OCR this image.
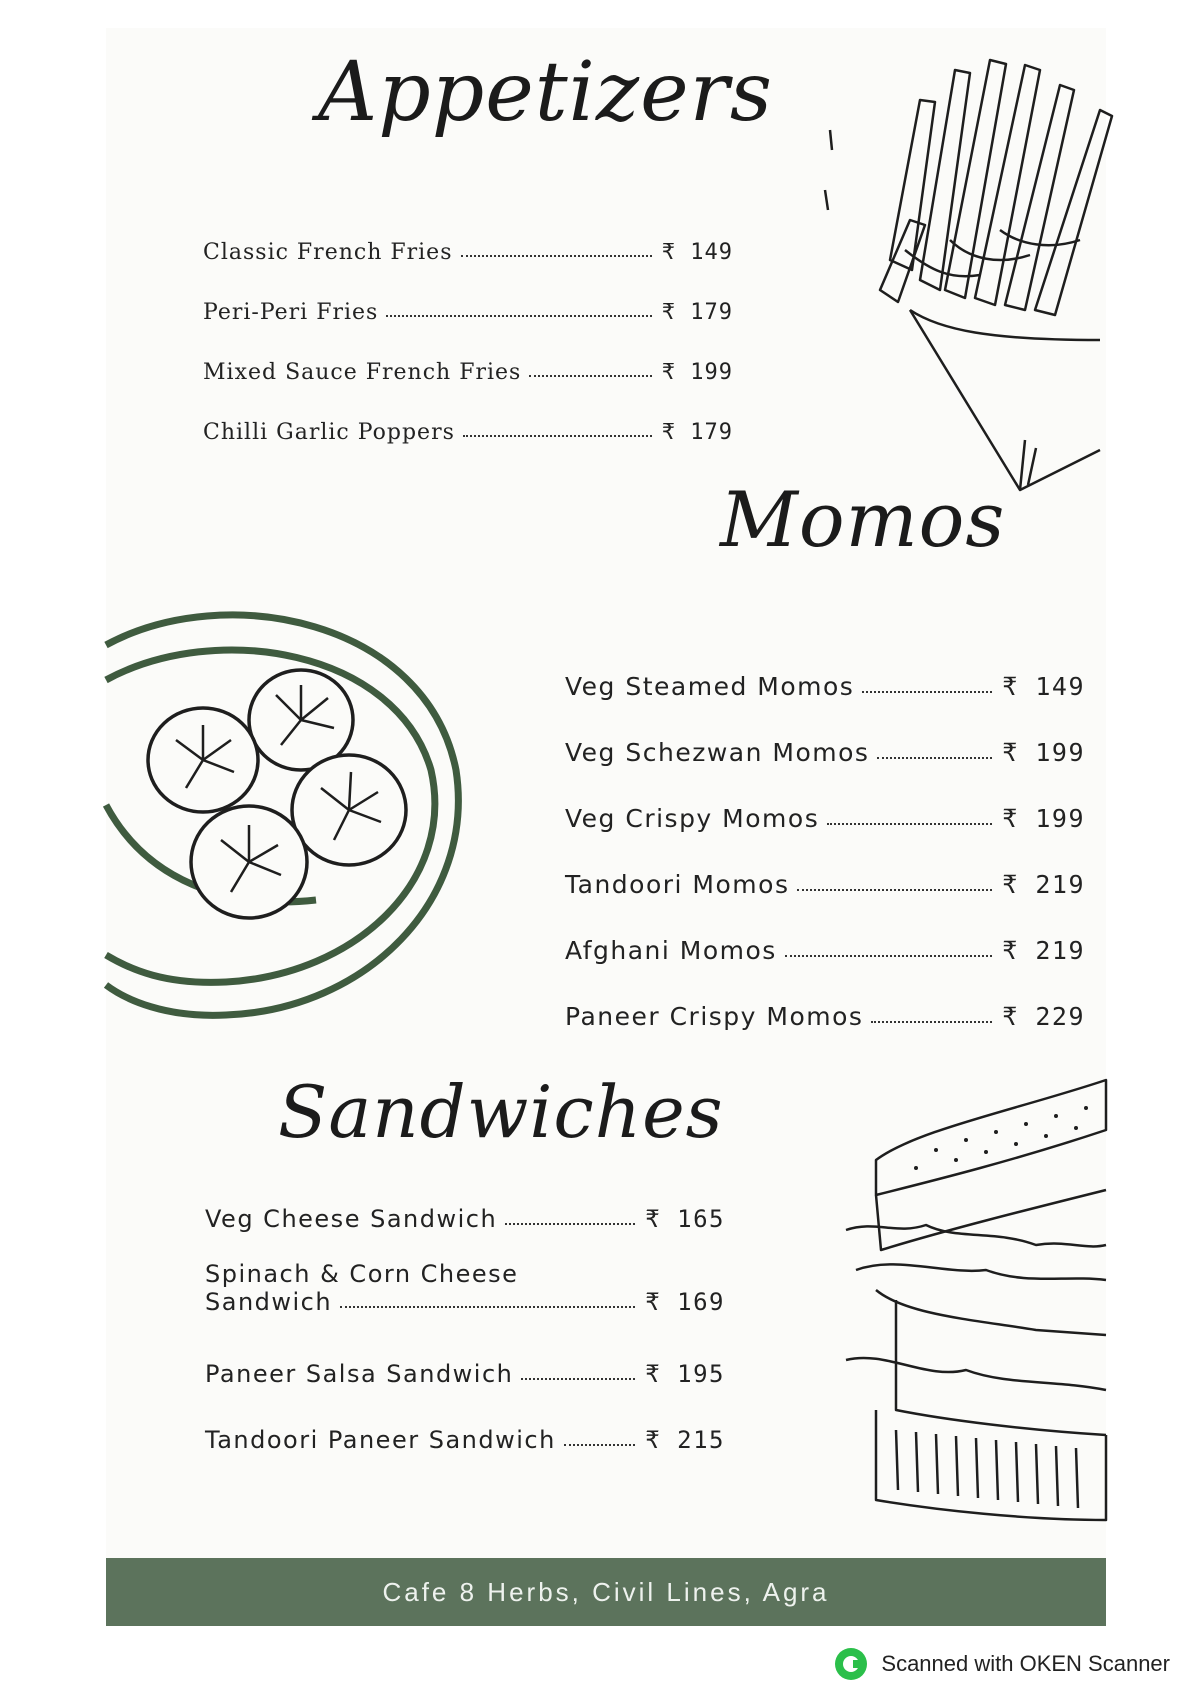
Appetizers
Classic French Fries	₹ 149
Peri-Peri Fries	₹ 179
Mixed Sauce French Fries	₹ 199
Chilli Garlic Poppers	₹ 179
Momos
Veg Steamed Momos	₹ 149
Veg Schezwan Momos	₹ 199
Veg Crispy Momos	₹ 199
Tandoori Momos	₹ 219
Afghani Momos	₹ 219
Paneer Crispy Momos	₹ 229
Sandwiches
Veg Cheese Sandwich	₹ 165
Spinach & Corn Cheese
Sandwich	₹ 169
Paneer Salsa Sandwich	₹ 195
Tandoori Paneer Sandwich	₹ 215
Cafe 8 Herbs, Civil Lines, Agra
Scanned with OKEN Scanner
